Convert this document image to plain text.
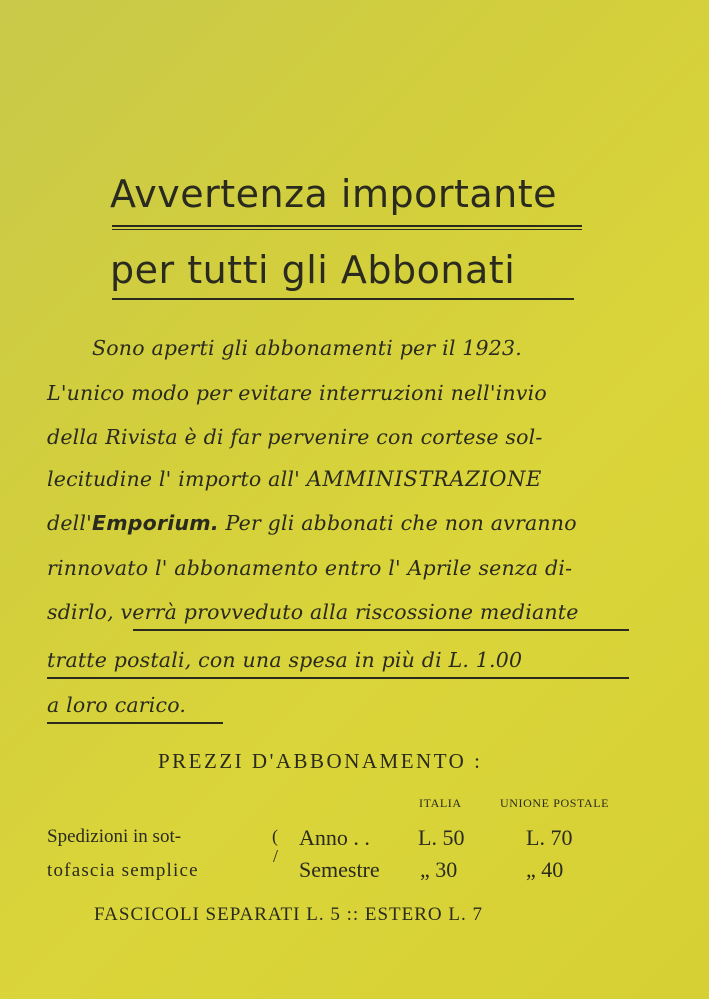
Avvertenza importante
per tutti gli Abbonati
Sono aperti gli abbonamenti per il 1923.
L'unico modo per evitare interruzioni nell'invio
della Rivista è di far pervenire con cortese sol-
lecitudine l' importo all' AMMINISTRAZIONE
dell'Emporium. Per gli abbonati che non avranno
rinnovato l' abbonamento entro l' Aprile senza di-
sdirlo, verrà provveduto alla riscossione mediante
tratte postali, con una spesa in più di L. 1.00
a loro carico.
PREZZI D'ABBONAMENTO :
ITALIA	UNIONE POSTALE
Spedizioni in sot-
tofascia semplice
(
/
Anno . . L. 50	L. 70
Semestre „ 30	„ 40
FASCICOLI SEPARATI L. 5 :: ESTERO L. 7
